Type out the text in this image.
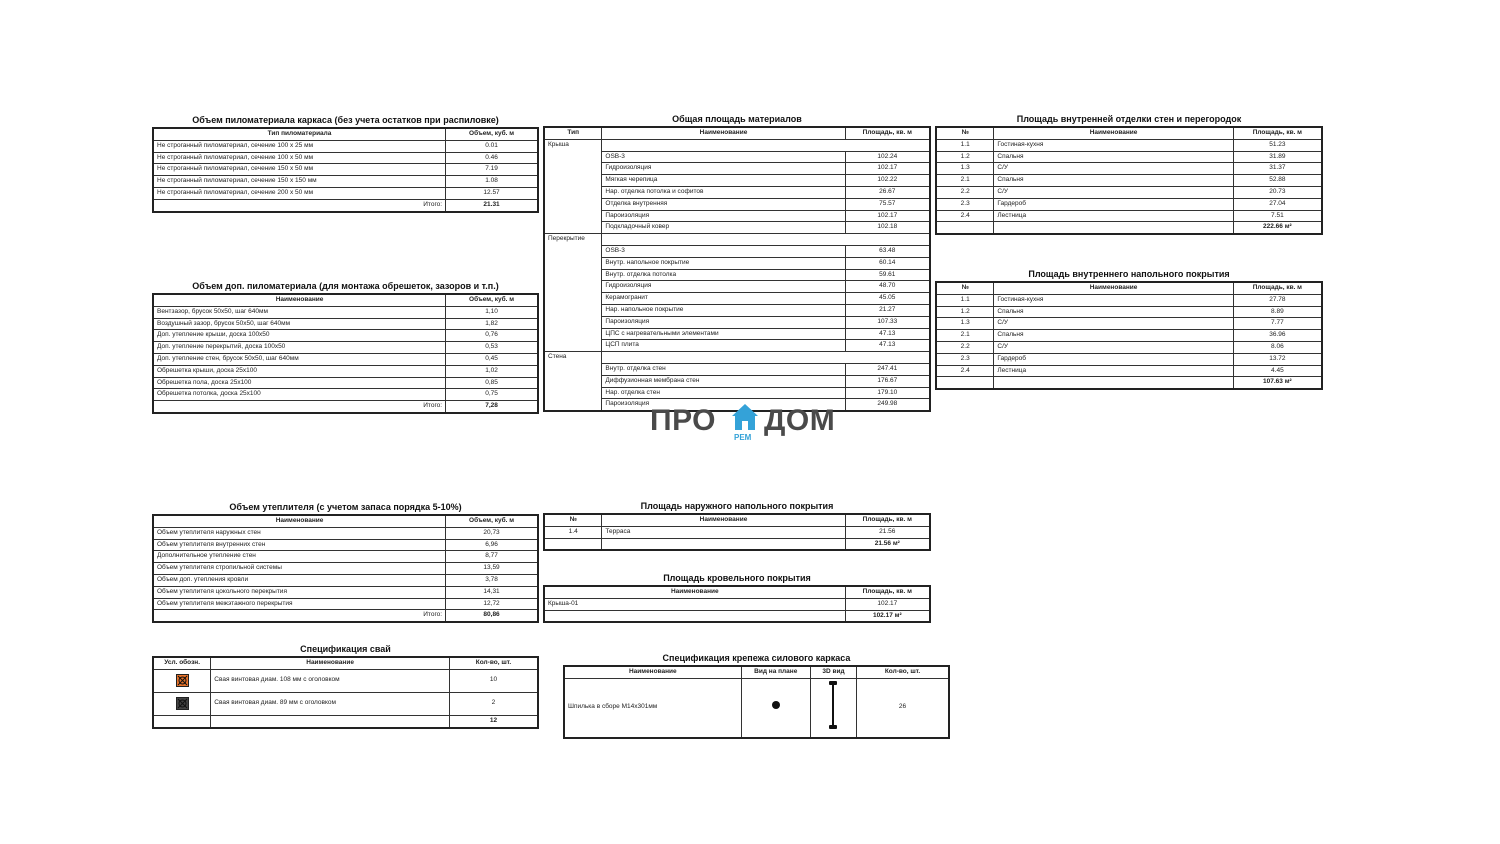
Объем пиломатериала каркаса (без учета остатков при распиловке)
Тип пиломатериала	Объем, куб. м
Не строганный пиломатериал, сечение 100 х 25 мм	0.01
Не строганный пиломатериал, сечение 100 х 50 мм	0.46
Не строганный пиломатериал, сечение 150 х 50 мм	7.19
Не строганный пиломатериал, сечение 150 х 150 мм	1.08
Не строганный пиломатериал, сечение 200 х 50 мм	12.57
Итого:	21.31
Объем доп. пиломатериала (для монтажа обрешеток, зазоров и т.п.)
Наименование	Объем, куб. м
Вентзазор, брусок 50х50, шаг 640мм	1,10
Воздушный зазор, брусок 50х50, шаг 640мм	1,82
Доп. утепление крыши, доска 100х50	0,76
Доп. утепление перекрытий, доска 100х50	0,53
Доп. утепление стен, брусок 50х50, шаг 640мм	0,45
Обрешетка крыши, доска 25х100	1,02
Обрешетка пола, доска 25х100	0,85
Обрешетка потолка, доска 25х100	0,75
Итого:	7,28
Объем утеплителя (с учетом запаса порядка 5-10%)
Наименование	Объем, куб. м
Объем утеплителя наружных стен	20,73
Объем утеплителя внутренних стен	6,96
Дополнительное утепление стен	8,77
Объем утеплителя стропильной системы	13,59
Объем доп. утепления кровли	3,78
Объем утеплителя цокольного перекрытия	14,31
Объем утеплителя межэтажного перекрытия	12,72
Итого:	80,86
Спецификация свай
Усл. обозн.	Наименование	Кол-во, шт.
	Свая винтовая диам. 108 мм с оголовком	10
	Свая винтовая диам. 89 мм с оголовком	2
		12
Общая площадь материалов
Тип	Наименование	Площадь, кв. м
Крыша		
	OSB-3	102.24
	Гидроизоляция	102.17
	Мягкая черепица	102.22
	Нар. отделка потолка и софитов	26.67
	Отделка внутренняя	75.57
	Пароизоляция	102.17
	Подкладочный ковер	102.18
Перекрытие		
	OSB-3	63.48
	Внутр. напольное покрытие	60.14
	Внутр. отделка потолка	59.61
	Гидроизоляция	48.70
	Керамогранит	45.05
	Нар. напольное покрытие	21.27
	Пароизоляция	107.33
	ЦПС с нагревательными элементами	47.13
	ЦСП плита	47.13
Стена		
	Внутр. отделка стен	247.41
	Диффузионная мембрана стен	176.67
	Нар. отделка стен	179.10
	Пароизоляция	249.98
ПРО
РЕМ
ДОМ
Площадь наружного напольного покрытия
№	Наименование	Площадь, кв. м
1.4	Терраса	21.56
		21.56 м²
Площадь кровельного покрытия
Наименование	Площадь, кв. м
Крыша-01	102.17
	102.17 м²
Спецификация крепежа силового каркаса
Наименование	Вид на плане	3D вид	Кол-во, шт.
Шпилька в сборе М14х301мм			26
Площадь внутренней отделки стен и перегородок
№	Наименование	Площадь, кв. м
1.1	Гостиная-кухня	51.23
1.2	Спальня	31.89
1.3	С/У	31.37
2.1	Спальня	52.88
2.2	С/У	20.73
2.3	Гардероб	27.04
2.4	Лестница	7.51
		222.66 м²
Площадь внутреннего напольного покрытия
№	Наименование	Площадь, кв. м
1.1	Гостиная-кухня	27.78
1.2	Спальня	8.89
1.3	С/У	7.77
2.1	Спальня	36.96
2.2	С/У	8.06
2.3	Гардероб	13.72
2.4	Лестница	4.45
		107.63 м²
